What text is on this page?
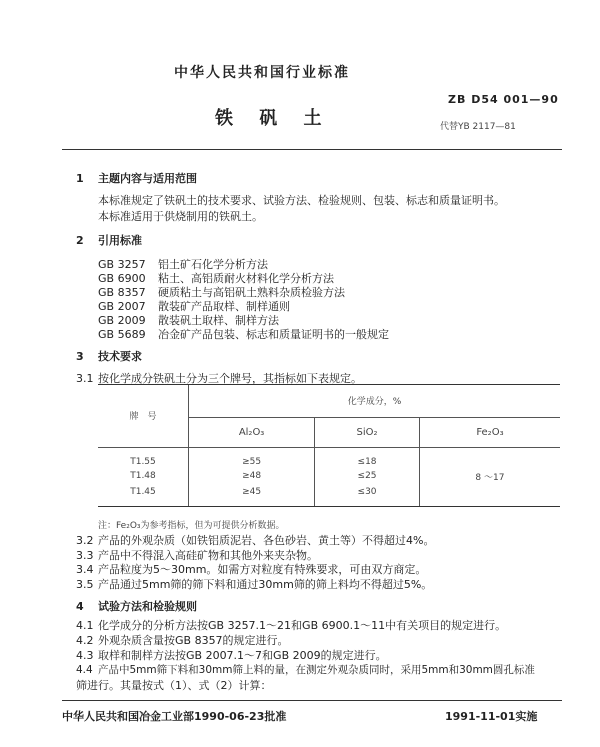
中华人民共和国行业标准
ZB D54 001—90
铁 矾 土	代替YB 2117—81
1 主题内容与适用范围
本标准规定了铁矾土的技术要求、试验方法、检验规则、包装、标志和质量证明书。
本标准适用于供烧制用的铁矾土。
2 引用标准
GB 3257 铝土矿石化学分析方法
GB 6900 粘土、高铝质耐火材料化学分析方法
GB 8357 硬质粘土与高铝矾土熟料杂质检验方法
GB 2007 散装矿产品取样、制样通则
GB 2009 散装矾土取样、制样方法
GB 5689 冶金矿产品包装、标志和质量证明书的一般规定
3 技术要求
3.1 按化学成分铁矾土分为三个牌号，其指标如下表规定。
牌　号	化学成分，%		
	Al₂O₃	SiO₂	Fe₂O₃
T1.55	≥55	≤18	
T1.48	≥48	≤25	8 ～17
T1.45	≥45	≤30	
注：Fe₂O₃为参考指标，但为可提供分析数据。
3.2 产品的外观杂质（如铁铝质泥岩、各色砂岩、黄土等）不得超过4%。
3.3 产品中不得混入高硅矿物和其他外来夹杂物。
3.4 产品粒度为5～30mm。如需方对粒度有特殊要求，可由双方商定。
3.5 产品通过5mm筛的筛下料和通过30mm筛的筛上料均不得超过5%。
4 试验方法和检验规则
4.1 化学成分的分析方法按GB 3257.1～21和GB 6900.1～11中有关项目的规定进行。
4.2 外观杂质含量按GB 8357的规定进行。
4.3 取样和制样方法按GB 2007.1～7和GB 2009的规定进行。
4.4 产品中5mm筛下料和30mm筛上料的量，在测定外观杂质同时，采用5mm和30mm圆孔标准
筛进行。其量按式（1）、式（2）计算：
中华人民共和国冶金工业部1990-06-23批准	1991-11-01实施
